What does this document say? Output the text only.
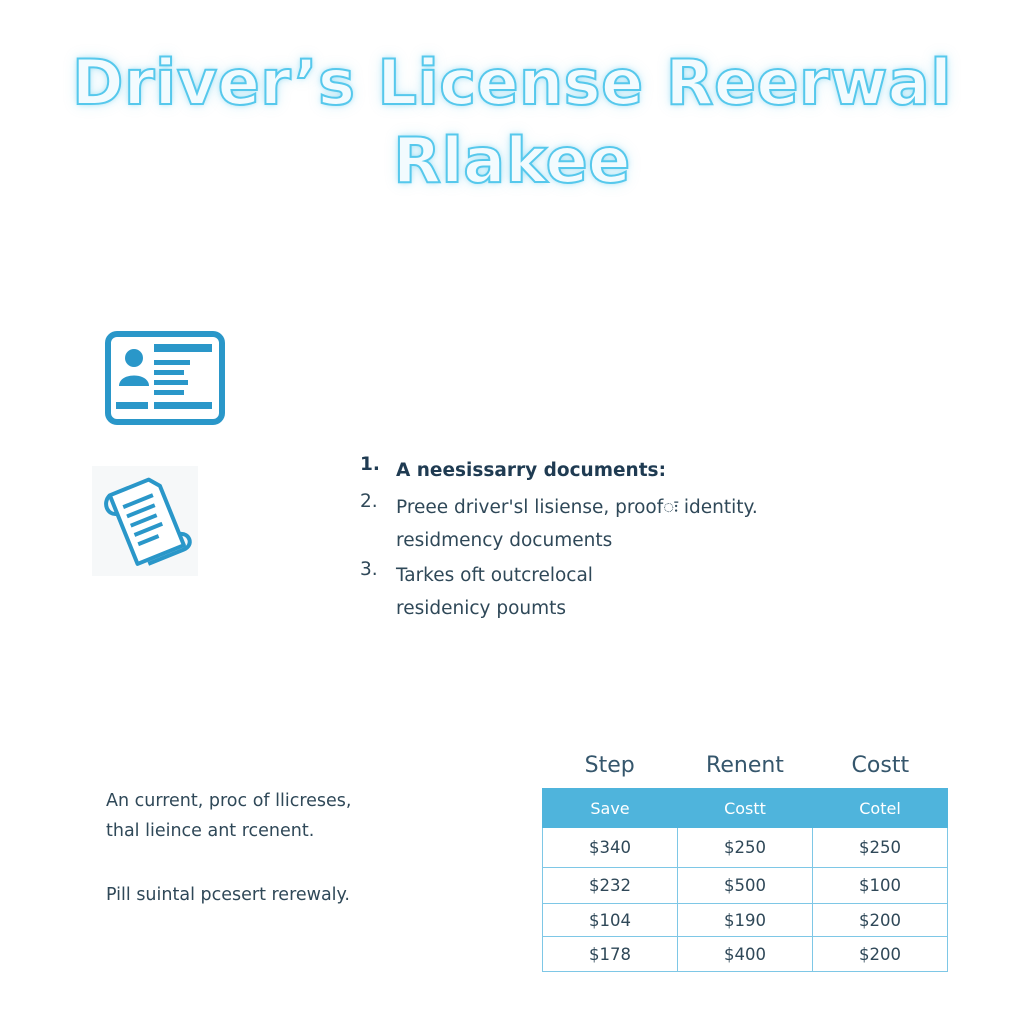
Driver’s License Reerwal
Rlakee
1. A neesissarry documents:
2. Preee driver'sl lisiense, proofः identity. residmency documents
3. Tarkes oft outcrelocal residenicy poumts
An current, proc of llicreses, thal lieince ant rcenent.
Pill suintal pcesert rerewaly.
Step	Renent	Costt
Save	Costt	Cotel
$340	$250	$250
$232	$500	$100
$104	$190	$200
$178	$400	$200
